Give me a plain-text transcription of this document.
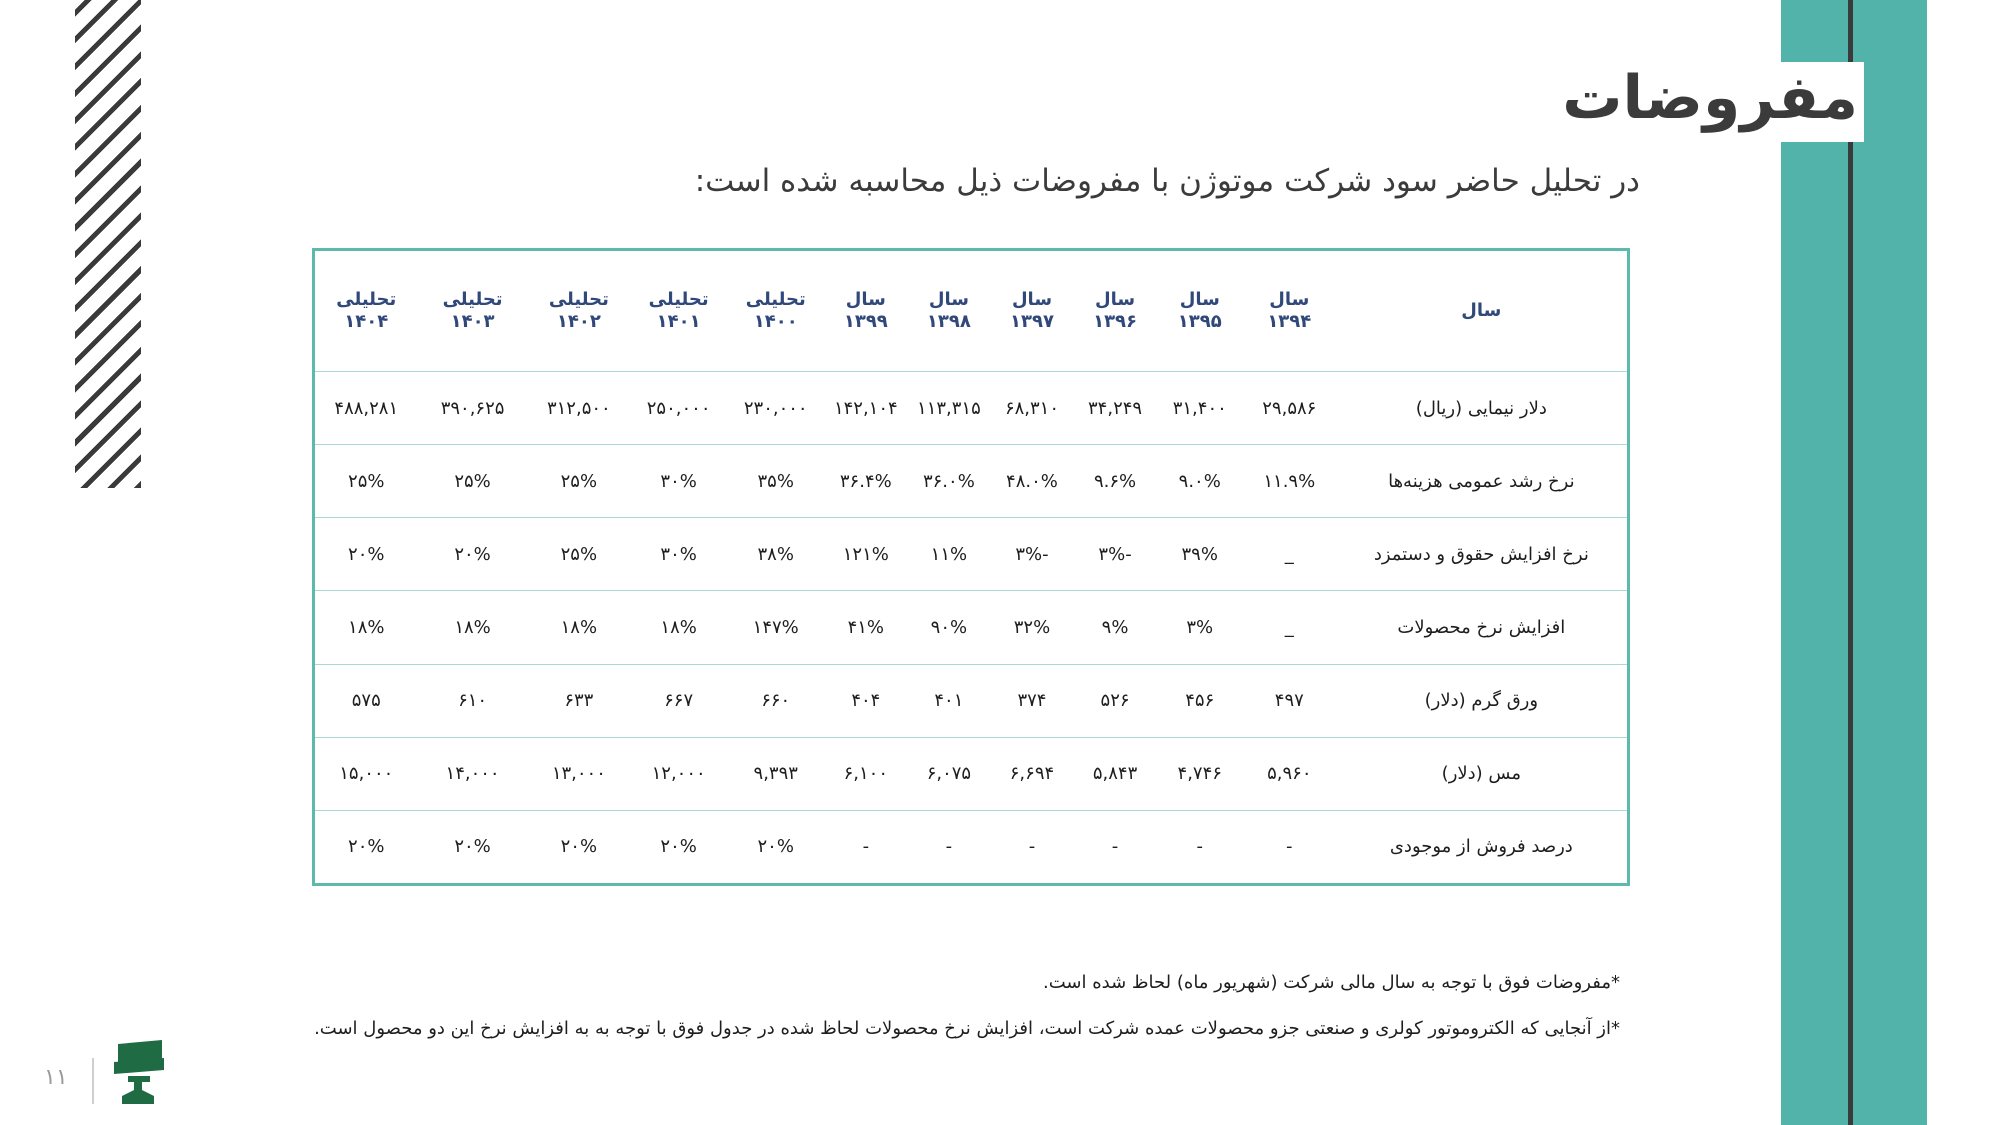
مفروضات
در تحلیل حاضر سود شرکت موتوژن با مفروضات ذیل محاسبه شده است:
سال	سال ۱۳۹۴	سال ۱۳۹۵	سال ۱۳۹۶	سال ۱۳۹۷	سال ۱۳۹۸	سال ۱۳۹۹	تحلیلی ۱۴۰۰	تحلیلی ۱۴۰۱	تحلیلی ۱۴۰۲	تحلیلی ۱۴۰۳	تحلیلی ۱۴۰۴
دلار نیمایی (ریال)	۲۹,۵۸۶	۳۱,۴۰۰	۳۴,۲۴۹	۶۸,۳۱۰	۱۱۳,۳۱۵	۱۴۲,۱۰۴	۲۳۰,۰۰۰	۲۵۰,۰۰۰	۳۱۲,۵۰۰	۳۹۰,۶۲۵	۴۸۸,۲۸۱
نرخ رشد عمومی هزینه‌ها	۱۱.۹%	۹.۰%	۹.۶%	۴۸.۰%	۳۶.۰%	۳۶.۴%	۳۵%	۳۰%	۲۵%	۲۵%	۲۵%
نرخ افزایش حقوق و دستمزد	_	۳۹%	-۳%	-۳%	۱۱%	۱۲۱%	۳۸%	۳۰%	۲۵%	۲۰%	۲۰%
افزایش نرخ محصولات	_	۳%	۹%	۳۲%	۹۰%	۴۱%	۱۴۷%	۱۸%	۱۸%	۱۸%	۱۸%
ورق گرم (دلار)	۴۹۷	۴۵۶	۵۲۶	۳۷۴	۴۰۱	۴۰۴	۶۶۰	۶۶۷	۶۳۳	۶۱۰	۵۷۵
مس (دلار)	۵,۹۶۰	۴,۷۴۶	۵,۸۴۳	۶,۶۹۴	۶,۰۷۵	۶,۱۰۰	۹,۳۹۳	۱۲,۰۰۰	۱۳,۰۰۰	۱۴,۰۰۰	۱۵,۰۰۰
درصد فروش از موجودی	-	-	-	-	-	-	۲۰%	۲۰%	۲۰%	۲۰%	۲۰%

*مفروضات فوق با توجه به سال مالی شرکت (شهریور ماه) لحاظ شده است.

*از آنجایی که الکتروموتور کولری و صنعتی جزو محصولات عمده شرکت است، افزایش نرخ محصولات لحاظ شده در جدول فوق با توجه به به افزایش نرخ این دو محصول است.

۱۱
